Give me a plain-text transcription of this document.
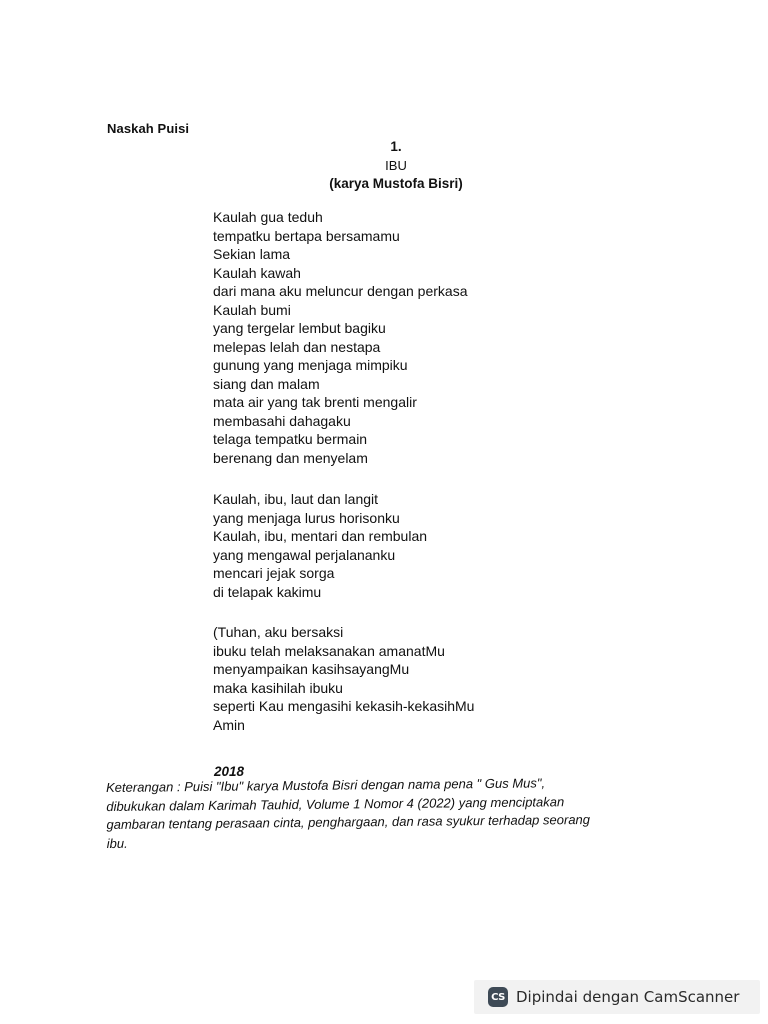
Naskah Puisi
1.
IBU
(karya Mustofa Bisri)
Kaulah gua teduh
tempatku bertapa bersamamu
Sekian lama
Kaulah kawah
dari mana aku meluncur dengan perkasa
Kaulah bumi
yang tergelar lembut bagiku
melepas lelah dan nestapa
gunung yang menjaga mimpiku
siang dan malam
mata air yang tak brenti mengalir
membasahi dahagaku
telaga tempatku bermain
berenang dan menyelam
Kaulah, ibu, laut dan langit
yang menjaga lurus horisonku
Kaulah, ibu, mentari dan rembulan
yang mengawal perjalananku
mencari jejak sorga
di telapak kakimu
(Tuhan, aku bersaksi
ibuku telah melaksanakan amanatMu
menyampaikan kasihsayangMu
maka kasihilah ibuku
seperti Kau mengasihi kekasih-kekasihMu
Amin
2018

Keterangan : Puisi "Ibu" karya Mustofa Bisri dengan nama pena " Gus Mus",

dibukukan dalam Karimah Tauhid, Volume 1 Nomor 4 (2022) yang menciptakan

gambaran tentang perasaan cinta, penghargaan, dan rasa syukur terhadap seorang

ibu.

CS Dipindai dengan CamScanner
